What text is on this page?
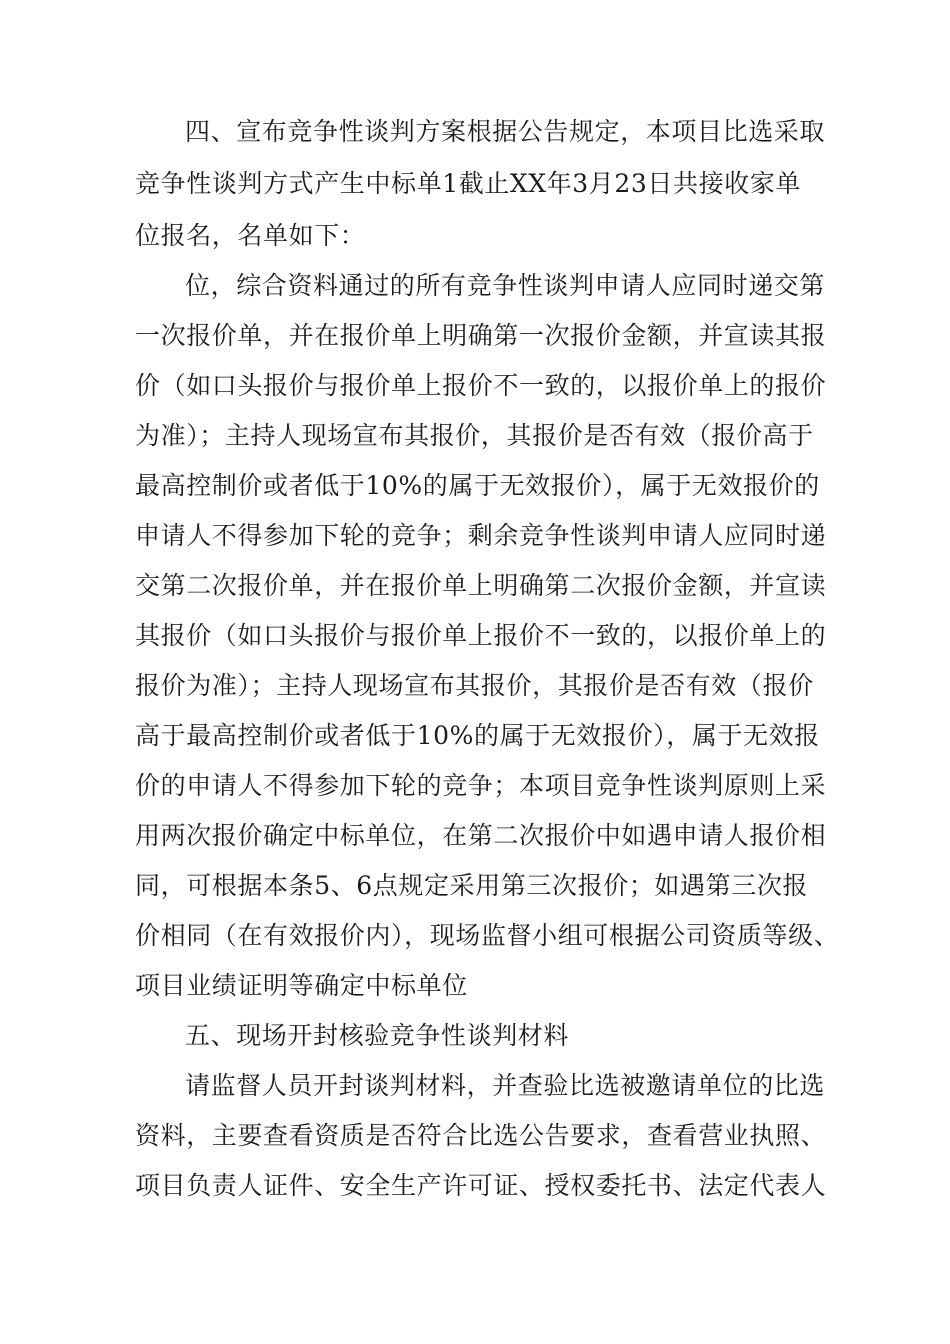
四、宣布竞争性谈判方案根据公告规定，本项目比选采取
竞争性谈判方式产生中标单1截止XX年3月23日共接收家单
位报名，名单如下：
位，综合资料通过的所有竞争性谈判申请人应同时递交第
一次报价单，并在报价单上明确第一次报价金额，并宣读其报
价（如口头报价与报价单上报价不一致的，以报价单上的报价
为准）；主持人现场宣布其报价，其报价是否有效（报价高于
最高控制价或者低于10%的属于无效报价），属于无效报价的
申请人不得参加下轮的竞争；剩余竞争性谈判申请人应同时递
交第二次报价单，并在报价单上明确第二次报价金额，并宣读
其报价（如口头报价与报价单上报价不一致的，以报价单上的
报价为准）；主持人现场宣布其报价，其报价是否有效（报价
高于最高控制价或者低于10%的属于无效报价），属于无效报
价的申请人不得参加下轮的竞争；本项目竞争性谈判原则上采
用两次报价确定中标单位，在第二次报价中如遇申请人报价相
同，可根据本条5、6点规定采用第三次报价；如遇第三次报
价相同（在有效报价内），现场监督小组可根据公司资质等级、
项目业绩证明等确定中标单位
五、现场开封核验竞争性谈判材料
请监督人员开封谈判材料，并查验比选被邀请单位的比选
资料，主要查看资质是否符合比选公告要求，查看营业执照、
项目负责人证件、安全生产许可证、授权委托书、法定代表人
